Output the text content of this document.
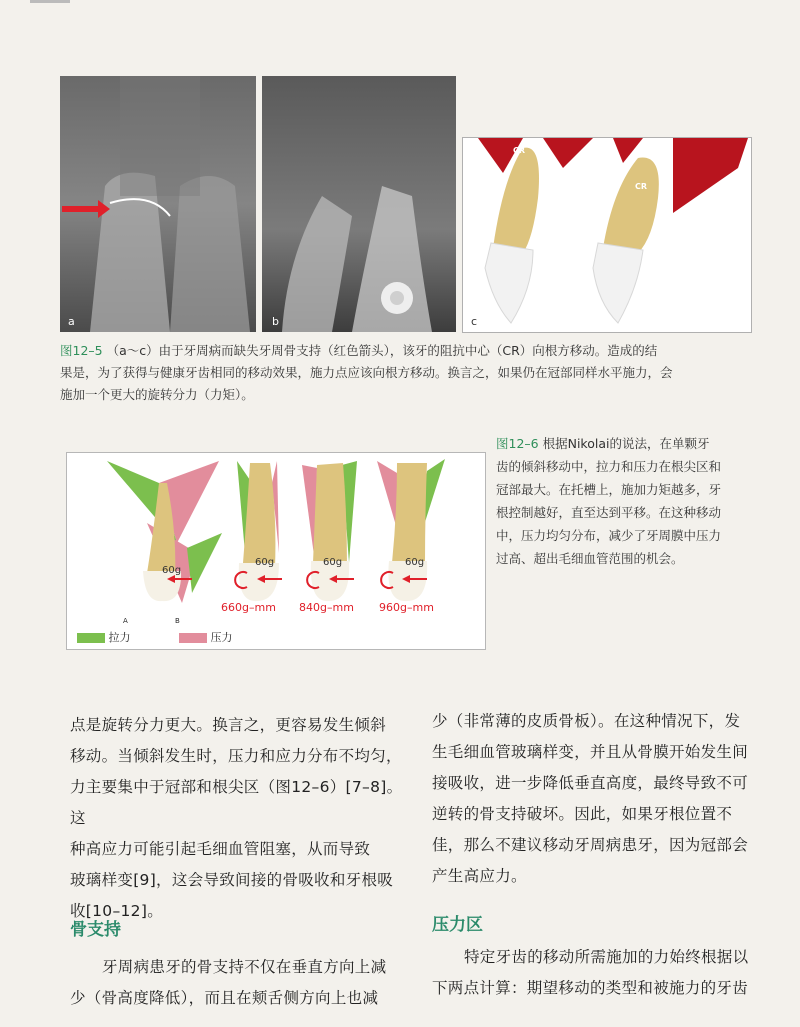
a	b
CR
CR
c
图12–5 （a～c）由于牙周病而缺失牙周骨支持（红色箭头），该牙的阻抗中心（CR）向根方移动。造成的结
果是，为了获得与健康牙齿相同的移动效果，施力点应该向根方移动。换言之，如果仍在冠部同样水平施力，会
施加一个更大的旋转分力（力矩）。
60g
60g	60g	60g
660g–mm 840g–mm 960g–mm
A	B
拉力	压力
图12–6 根据Nikolai的说法，在单颗牙
齿的倾斜移动中，拉力和压力在根尖区和
冠部最大。在托槽上，施加力矩越多，牙
根控制越好，直至达到平移。在这种移动
中，压力均匀分布，减少了牙周膜中压力
过高、超出毛细血管范围的机会。
点是旋转分力更大。换言之，更容易发生倾斜
移动。当倾斜发生时，压力和应力分布不均匀，
力主要集中于冠部和根尖区（图12–6）[7–8]。这
种高应力可能引起毛细血管阻塞，从而导致
玻璃样变[9]，这会导致间接的骨吸收和牙根吸
收[10–12]。
少（非常薄的皮质骨板）。在这种情况下，发
生毛细血管玻璃样变，并且从骨膜开始发生间
接吸收，进一步降低垂直高度，最终导致不可
逆转的骨支持破坏。因此，如果牙根位置不
佳，那么不建议移动牙周病患牙，因为冠部会
产生高应力。
骨支持
牙周病患牙的骨支持不仅在垂直方向上减
少（骨高度降低），而且在颊舌侧方向上也减
压力区
特定牙齿的移动所需施加的力始终根据以
下两点计算：期望移动的类型和被施力的牙齿
